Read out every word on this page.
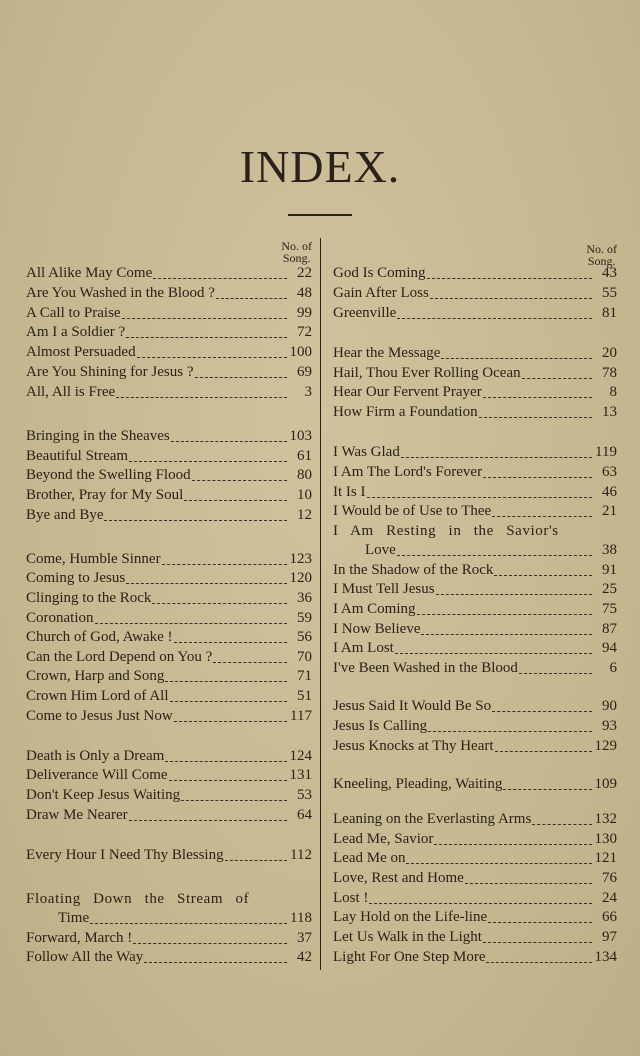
INDEX.
No. of
Song.
All Alike May Come	22
Are You Washed in the Blood ?	48
A Call to Praise	99
Am I a Soldier ?	72
Almost Persuaded	100
Are You Shining for Jesus ?	69
All, All is Free	3
Bringing in the Sheaves	103
Beautiful Stream	61
Beyond the Swelling Flood	80
Brother, Pray for My Soul	10
Bye and Bye	12
Come, Humble Sinner	123
Coming to Jesus	120
Clinging to the Rock	36
Coronation	59
Church of God, Awake !	56
Can the Lord Depend on You ?	70
Crown, Harp and Song	71
Crown Him Lord of All	51
Come to Jesus Just Now	117
Death is Only a Dream	124
Deliverance Will Come	131
Don't Keep Jesus Waiting	53
Draw Me Nearer	64
Every Hour I Need Thy Blessing	112
Floating Down the Stream of
Time	118
Forward, March !	37
Follow All the Way	42
No. of
Song.
God Is Coming	43
Gain After Loss	55
Greenville	81
Hear the Message	20
Hail, Thou Ever Rolling Ocean	78
Hear Our Fervent Prayer	8
How Firm a Foundation	13
I Was Glad	119
I Am The Lord's Forever	63
It Is I	46
I Would be of Use to Thee	21
I Am Resting in the Savior's
Love	38
In the Shadow of the Rock	91
I Must Tell Jesus	25
I Am Coming	75
I Now Believe	87
I Am Lost	94
I've Been Washed in the Blood	6
Jesus Said It Would Be So	90
Jesus Is Calling	93
Jesus Knocks at Thy Heart	129
Kneeling, Pleading, Waiting	109
Leaning on the Everlasting Arms	132
Lead Me, Savior	130
Lead Me on	121
Love, Rest and Home	76
Lost !	24
Lay Hold on the Life-line	66
Let Us Walk in the Light	97
Light For One Step More	134
